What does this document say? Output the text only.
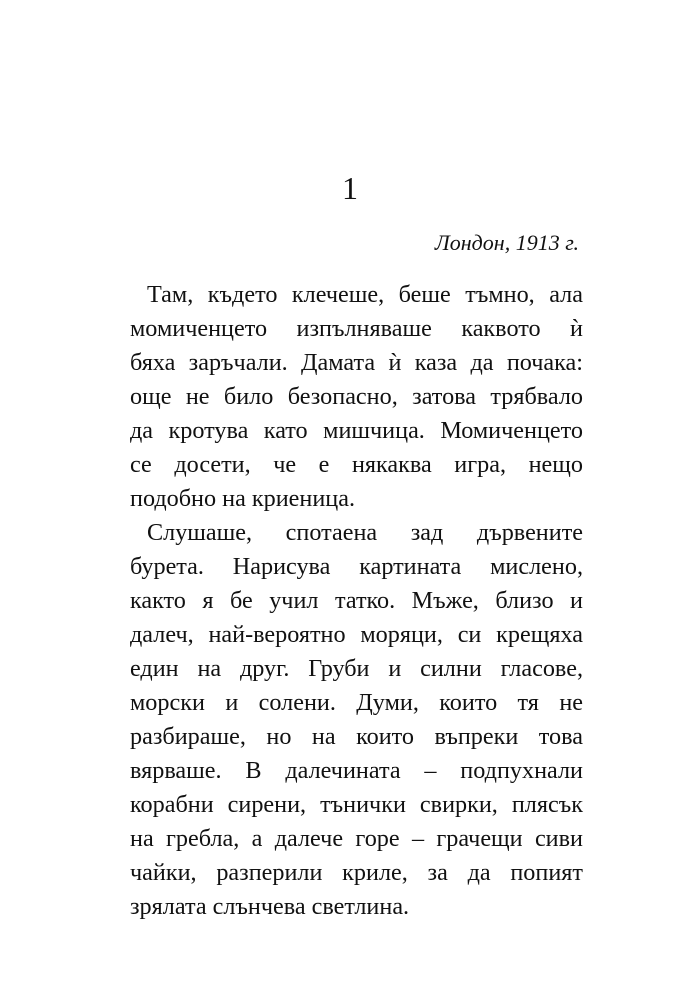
1
Лондон, 1913 г.
Там, където клечеше, беше тъмно, ала
момиченцето изпълняваше каквото ѝ
бяха заръчали. Дамата ѝ каза да почака:
още не било безопасно, затова трябвало
да кротува като мишчица. Момиченцето
се досети, че е някаква игра, нещо
подобно на криеница.
Слушаше, спотаена зад дървените
бурета. Нарисува картината мислено,
както я бе учил татко. Мъже, близо и
далеч, най-вероятно моряци, си крещяха
един на друг. Груби и силни гласове,
морски и солени. Думи, които тя не
разбираше, но на които въпреки това
вярваше. В далечината – подпухнали
корабни сирени, тънички свирки, плясък
на гребла, а далече горе – грачещи сиви
чайки, разперили криле, за да попият
зрялата слънчева светлина.
